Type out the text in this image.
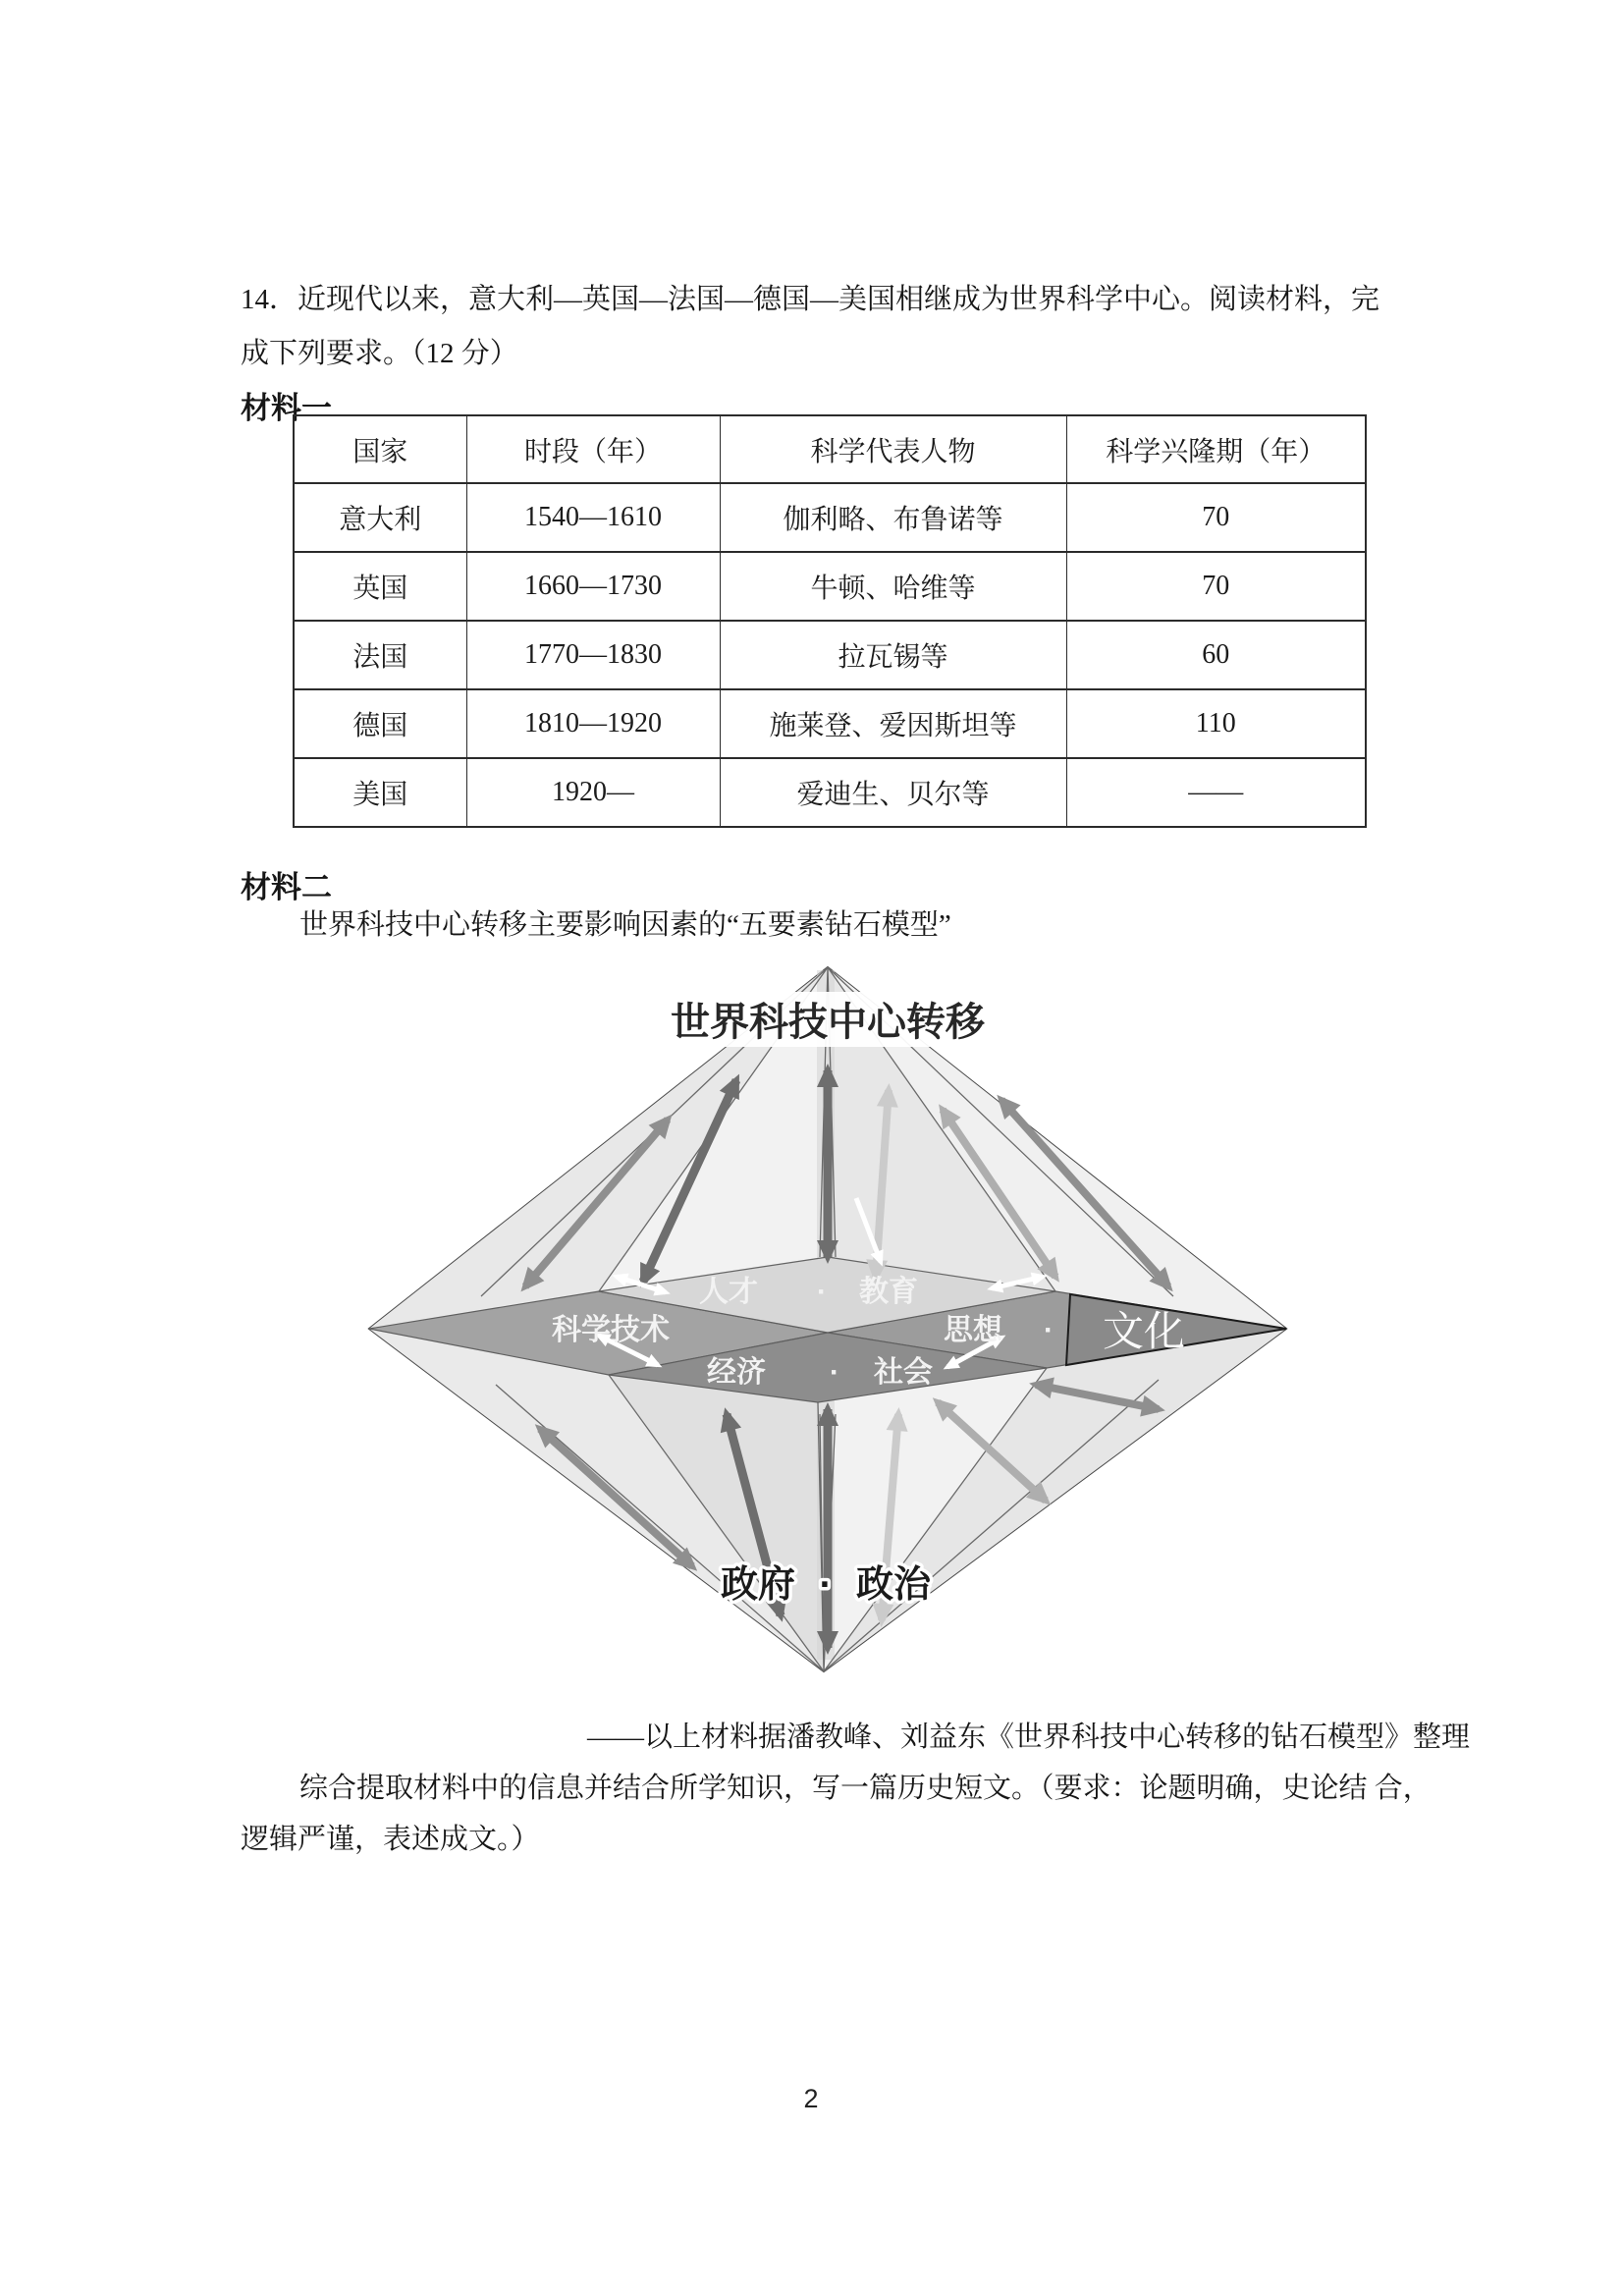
14．近现代以来，意大利—英国—法国—德国—美国相继成为世界科学中心。阅读材料，完
成下列要求。（12 分）
材料一
国家	时段（年）	科学代表人物	科学兴隆期（年）
意大利	1540—1610	伽利略、布鲁诺等	70
英国	1660—1730	牛顿、哈维等	70
法国	1770—1830	拉瓦锡等	60
德国	1810—1920	施莱登、爱因斯坦等	110
美国	1920—	爱迪生、贝尔等	——
材料二
世界科技中心转移主要影响因素的“五要素钻石模型”
世界科技中心转移
人才 · 教育
科学技术	思想 · 文化
经济 · 社会
政府 · 政治
——以上材料据潘教峰、刘益东《世界科技中心转移的钻石模型》整理
综合提取材料中的信息并结合所学知识，写一篇历史短文。（要求：论题明确，史论结 合，
逻辑严谨，表述成文。）
2
